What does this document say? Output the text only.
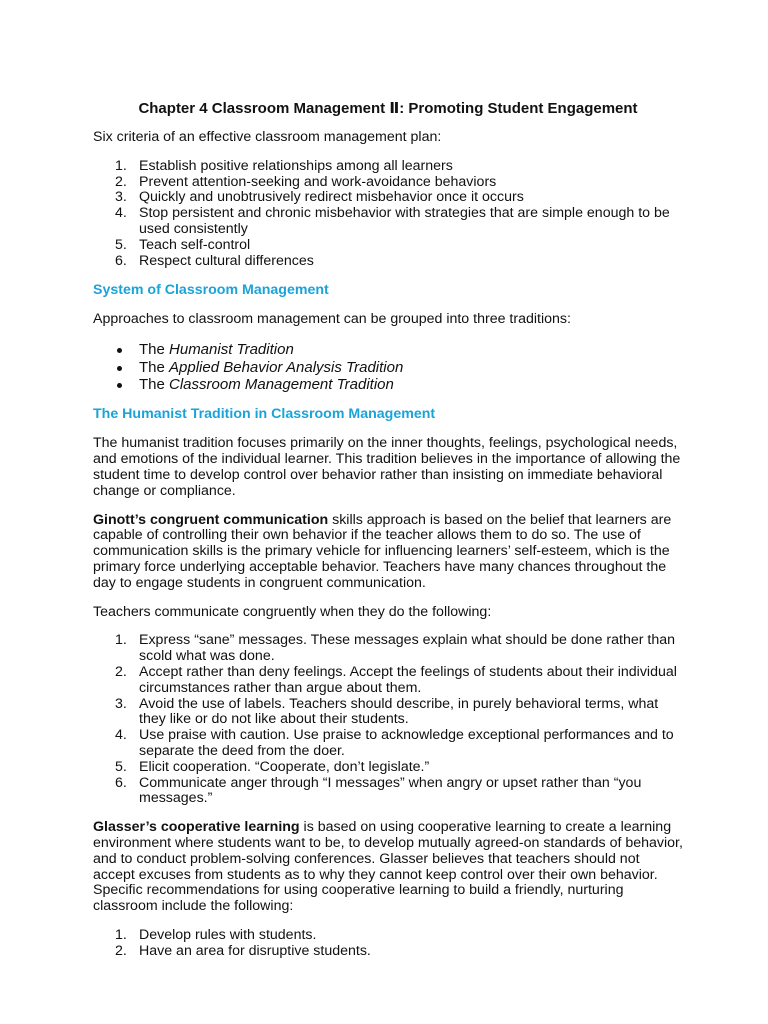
Chapter 4 Classroom Management Ⅱ: Promoting Student Engagement

Six criteria of an effective classroom management plan:

1. Establish positive relationships among all learners
2. Prevent attention-seeking and work-avoidance behaviors
3. Quickly and unobtrusively redirect misbehavior once it occurs
4. Stop persistent and chronic misbehavior with strategies that are simple enough to be used consistently
5. Teach self-control
6. Respect cultural differences
System of Classroom Management

Approaches to classroom management can be grouped into three traditions:

The Humanist Tradition
The Applied Behavior Analysis Tradition
The Classroom Management Tradition
The Humanist Tradition in Classroom Management

The humanist tradition focuses primarily on the inner thoughts, feelings, psychological needs, and emotions of the individual learner. This tradition believes in the importance of allowing the student time to develop control over behavior rather than insisting on immediate behavioral change or compliance.

Ginott’s congruent communication skills approach is based on the belief that learners are capable of controlling their own behavior if the teacher allows them to do so. The use of communication skills is the primary vehicle for influencing learners’ self-esteem, which is the primary force underlying acceptable behavior. Teachers have many chances throughout the day to engage students in congruent communication.

Teachers communicate congruently when they do the following:

1. Express “sane” messages. These messages explain what should be done rather than scold what was done.
2. Accept rather than deny feelings. Accept the feelings of students about their individual circumstances rather than argue about them.
3. Avoid the use of labels. Teachers should describe, in purely behavioral terms, what they like or do not like about their students.
4. Use praise with caution. Use praise to acknowledge exceptional performances and to separate the deed from the doer.
5. Elicit cooperation. “Cooperate, don’t legislate.”
6. Communicate anger through “I messages” when angry or upset rather than “you messages.”

Glasser’s cooperative learning is based on using cooperative learning to create a learning environment where students want to be, to develop mutually agreed-on standards of behavior, and to conduct problem-solving conferences. Glasser believes that teachers should not accept excuses from students as to why they cannot keep control over their own behavior. Specific recommendations for using cooperative learning to build a friendly, nurturing classroom include the following:

1. Develop rules with students.
2. Have an area for disruptive students.
